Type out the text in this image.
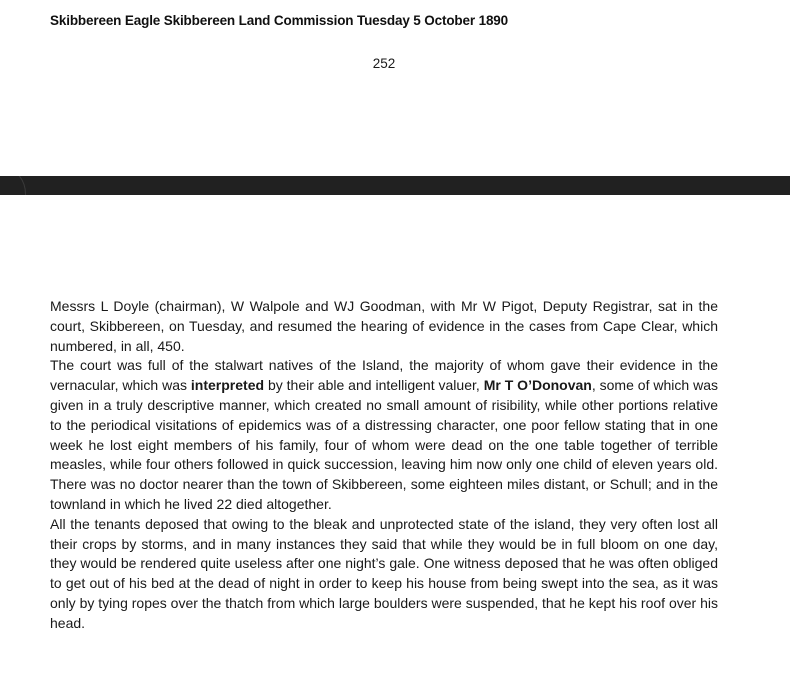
Skibbereen Eagle Skibbereen Land Commission Tuesday 5 October 1890
252

Messrs L Doyle (chairman), W Walpole and WJ Goodman, with Mr W Pigot, Deputy Registrar, sat in the court, Skibbereen, on Tuesday, and resumed the hearing of evidence in the cases from Cape Clear, which numbered, in all, 450.

The court was full of the stalwart natives of the Island, the majority of whom gave their evidence in the vernacular, which was interpreted by their able and intelligent valuer, Mr T O’Donovan, some of which was given in a truly descriptive manner, which created no small amount of risibility, while other portions relative to the periodical visitations of epidemics was of a distressing character, one poor fellow stating that in one week he lost eight members of his family, four of whom were dead on the one table together of terrible measles, while four others followed in quick succession, leaving him now only one child of eleven years old. There was no doctor nearer than the town of Skibbereen, some eighteen miles distant, or Schull; and in the townland in which he lived 22 died altogether.

All the tenants deposed that owing to the bleak and unprotected state of the island, they very often lost all their crops by storms, and in many instances they said that while they would be in full bloom on one day, they would be rendered quite useless after one night’s gale. One witness deposed that he was often obliged to get out of his bed at the dead of night in order to keep his house from being swept into the sea, as it was only by tying ropes over the thatch from which large boulders were suspended, that he kept his roof over his head.
